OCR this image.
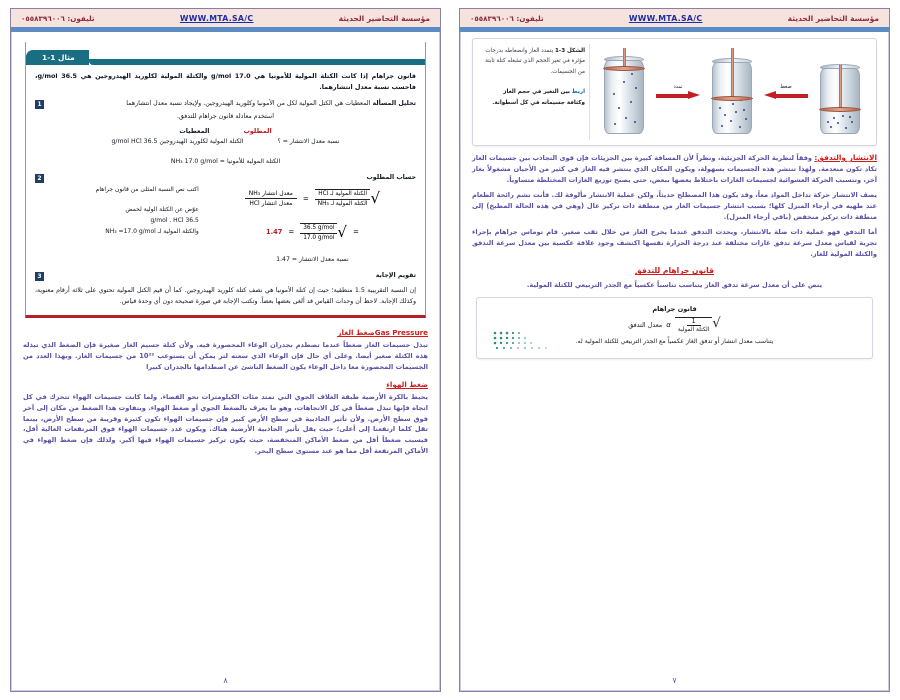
مؤسسة التحاضير الحديثة
WWW.MTA.SA/C
تليفون: ٠٥٥٨٣٩٦٠٠٦
مثال 1-1
قانون جراهام إذا كانت الكتلة المولية للأمونيا هي 17.0 g/mol والكتلة المولية لكلوريد الهيدروجين هي 36.5 g/mol، فاحسب نسبة معدل انتشارهما.
1	تحليل المسألة المعطيات هي الكتل المولية لكل من الأمونيا وكلوريد الهيدروجين. ولإيجاد نسبة معدل انتشارهما
استخدم معادلة قانون جراهام للتدفق.
المعطيات	المطلوب
الكتلة المولية لكلوريد الهيدروجين 36.5 g/mol HCl	نسبة معدل الانتشار = ؟
الكتلة المولية للأمونيا = NH₃ 17.0 g/mol
2	حساب المطلوب
اكتب نص النسبة المثلى من قانون جراهام
عوّض عن الكتلة الولية لحمض
36.5 g/mol . HCl
والكتلة المولية لـ NH₃ =17.0 g/mol
$\frac{\text{معدل انتشار NH₃}}{\text{معدل انتشار HCl}}$ =	√
الكتلة المولية لـ HCl
الكتلة المولية لـ NH₃
1.47 =	√
36.5 g/mol
17.0 g/mol
=
نسبة معدل الانتشار = 1.47
3	تقويم الإجابة
إن النسبة التقريبية 1.5 منطقية؛ حيث إن كتلة الأمونيا هي نصف كتلة كلوريد الهيدروجين. كما أن قيم الكتل المولية تحتوي على ثلاثة أرقام معنوية، وكذلك الإجابة. لاحظ أن وحدات القياس قد ألغى بعضها بعضاً. وتكتب الإجابة في صورة صحيحة دون أي وحدة قياس.
Gas Pressureضغط الغاز

تبذل جسيمات الغاز ضغطاً عندما تصطدم بجدران الوعاء المحصورة فيه. ولأن كتلة جسيم الغاز صغيرة فإن الضغط الذي تبذله هذه الكتلة صغير أيضا. وعلى أي حال فإن الوعاء الذي سعته لتر يمكن أن يستوعب 10²² من جسيمات الغاز. وبهذا العدد من الجسيمات المحصورة معا داخل الوعاء يكون الضغط الناشئ عن اصطدامها بالجدران كبيرا

ضغط الهواء

يحيط بالكرة الأرضية طبقة الغلاف الجوي التي تمتد مئات الكيلومترات نحو الفضاء. ولما كانت جسيمات الهواء تتحرك في كل اتجاه فإنها تبذل ضغطاً في كل الاتجاهات، وهو ما يعرف بالضغط الجوي أو ضغط الهواء. ويتفاوت هذا الضغط من مكان إلى آخر فوق سطح الأرض. ولأن تأثير الجاذبية في سطح الأرض كبير فإن جسيمات الهواء تكون كثيرة وقريبة من سطح الأرض، بينما تقل كلما ارتفعنا إلى أعلى؛ حيث يقل تأثير الجاذبية الأرضية هناك. ويكون عدد جسيمات الهواء فوق المرتفعات العالية أقل، فيسبب ضغطاً أقل من ضغط الأماكن المنخفضة، حيث يكون تركيز جسيمات الهواء فيها أكبر. ولذلك فإن ضغط الهواء في الأماكن المرتفعة أقل مما هو عند مستوى سطح البحر.

٨
مؤسسة التحاضير الحديثة
WWW.MTA.SA/C
تليفون: ٠٥٥٨٣٩٦٠٠٦
الشكل 3-1 يتمدد الغاز وانضغاطه بدرجات مؤثرة في تغير الحجم الذي تشغله كتلة ثابتة من الجسيمات.

اربط بين التغير في حجم الغاز وكثافة جسيماته في كل أسطوانة.
ضغط
تمدد

الانتشار والتدفق: وفقاً لنظرية الحركة الجزيئية، ونظراً لأن المسافة كبيرة بين الجزيئات فإن قوى التجاذب بين جسيمات الغاز تكاد تكون منعدمة. ولهذا تنتشر هذه الجسيمات بسهولة، ويكون المكان الذي ينتشر فيه الغاز في كثير من الأحيان مشغولاً بغاز آخر، وتتسبب الحركة العشوائية لجسيمات الغازات باختلاط بعضها ببعض، حتى يصبح توزيع الغازات المختلطة متساوياً.

يصف الانتشار حركة تداخل المواد معاً، وقد يكون هذا المصطلح حديثاً، ولكن عملية الانتشار مألوفة لك. فأنت تشم رائحة الطعام عند طهيه في أرجاء المنزل كلها؛ بسبب انتشار جسيمات الغاز من منطقة ذات تركيز عال (وهي في هذه الحالة المطبخ) إلى منطقة ذات تركيز منخفض (باقي أرجاء المنزل).

أما التدفق فهو عملية ذات صلة بالانتشار، ويحدث التدفق عندما يخرج الغاز من خلال ثقب صغير. قام توماس جراهام بإجراء تجربة لقياس معدل سرعة تدفق غازات مختلفة عند درجة الحرارة نفسها اكتشف وجود علاقة عكسية بين معدل سرعة التدفق والكتلة المولية للغاز.

قانون جراهام للتدفق

ينص على أن معدل سرعة تدفق الغاز يتناسب تناسباً عكسياً مع الجذر التربيعي للكتلة المولية.

قانون جراهام
معدل التدفق α	√
$\frac{1}{\text{الكتلة المولية}}$
يتناسب معدل انتشار أو تدفق الغاز عكسياً مع الجذر التربيعي للكتلة المولية له.
٧
